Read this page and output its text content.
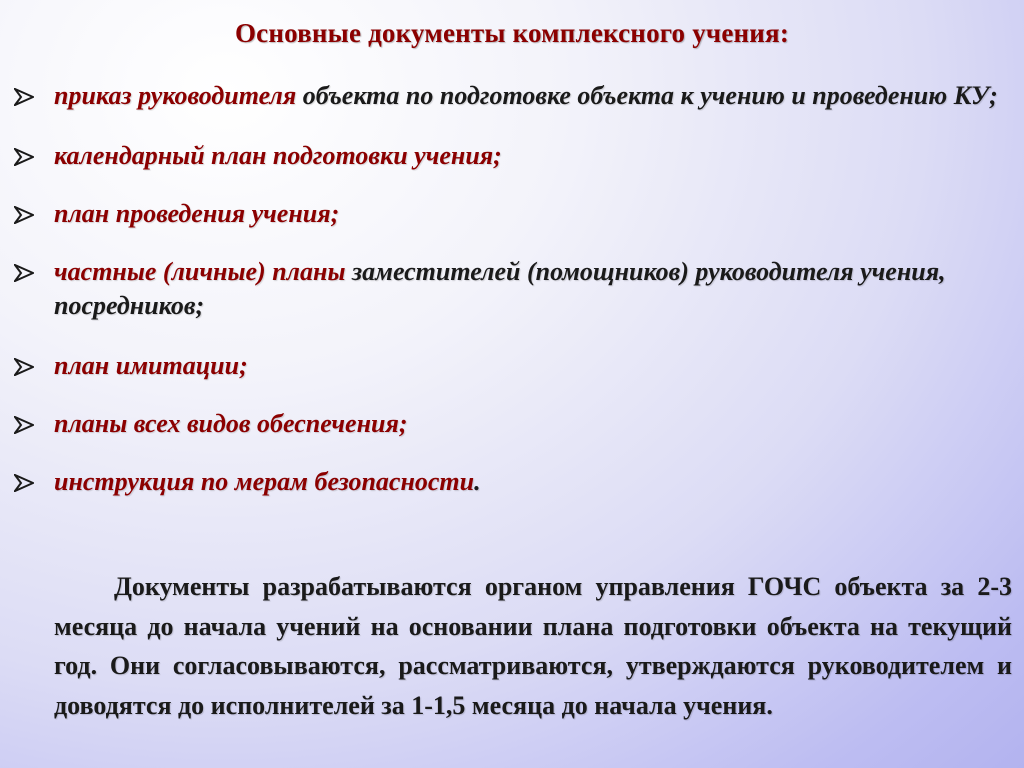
Основные документы комплексного учения:
приказ руководителя объекта по подготовке объекта к учению и проведению КУ;
календарный план подготовки учения;
план проведения учения;
частные (личные) планы заместителей (помощников) руководителя учения, посредников;
план имитации;
планы всех видов обеспечения;
инструкция по мерам безопасности.

Документы разрабатываются органом управления ГОЧС объекта за 2-3 месяца до начала учений на основании плана подготовки объекта на текущий год. Они согласовываются, рассматриваются, утверждаются руководителем и доводятся до исполнителей за 1-1,5 месяца до начала учения.
